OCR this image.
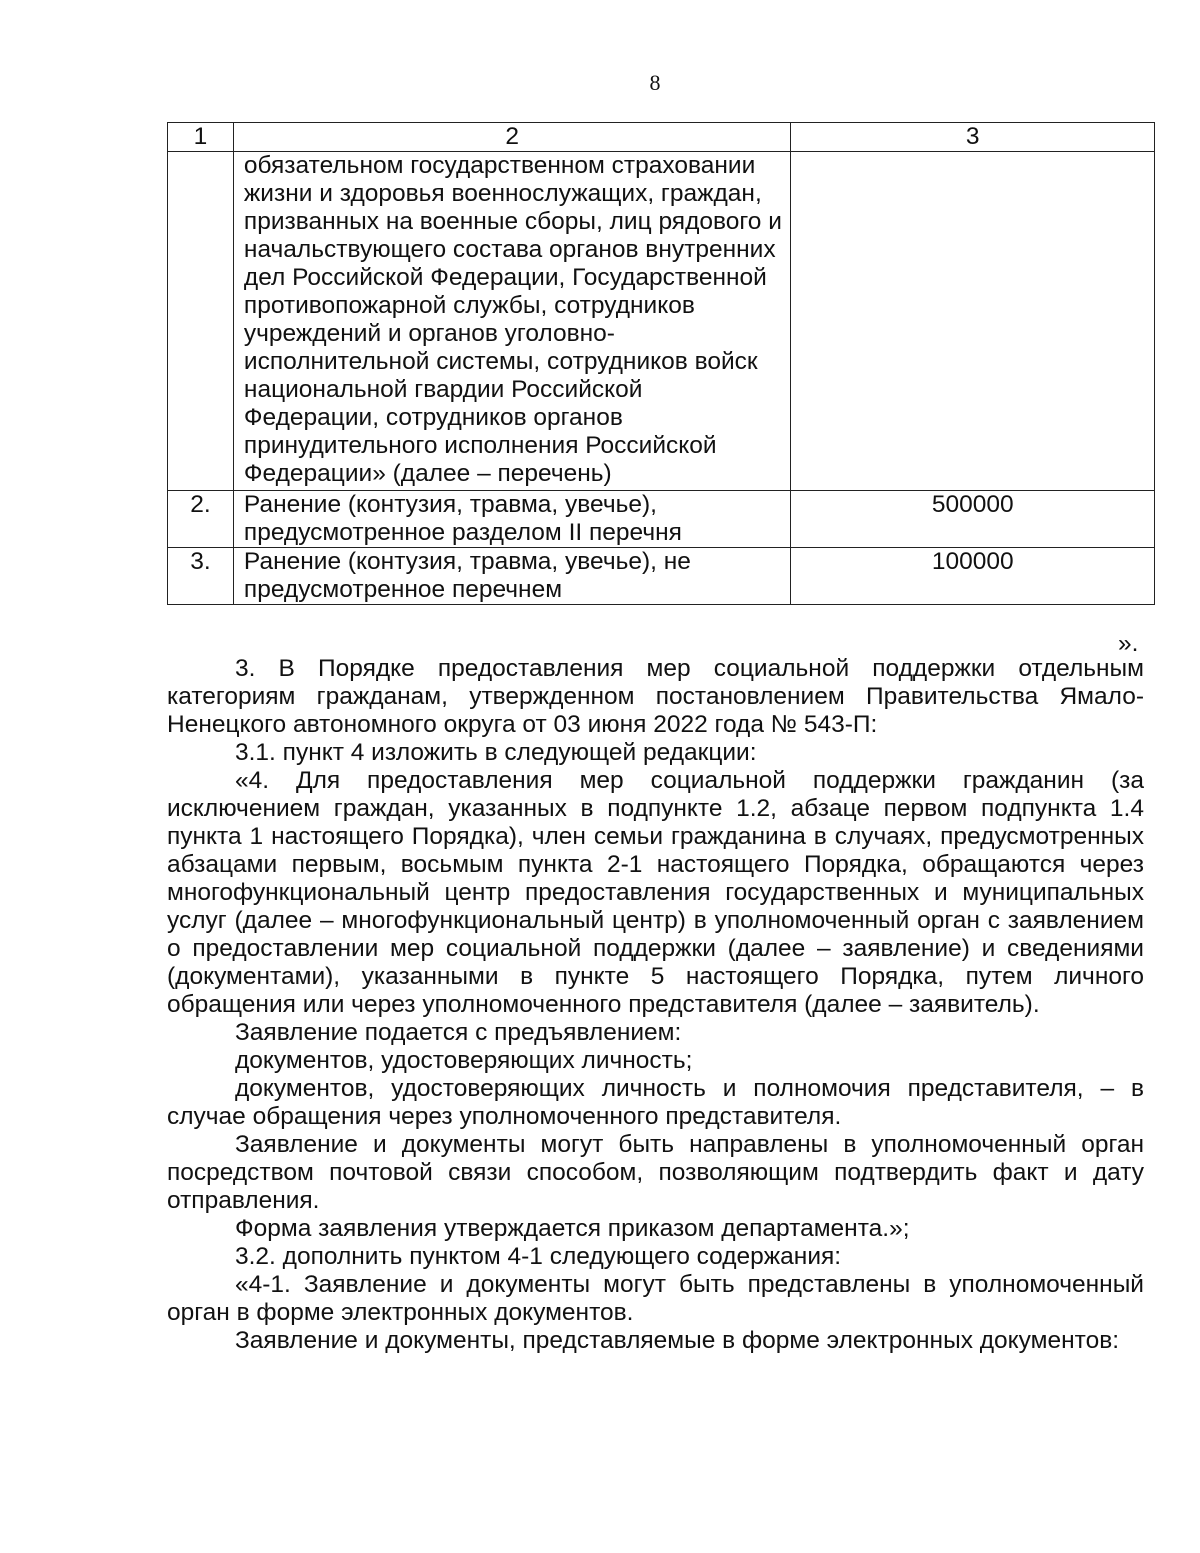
8
1	2	3
	обязательном государственном страховании жизни и здоровья военнослужащих, граждан, призванных на военные сборы, лиц рядового и начальствующего состава органов внутренних дел Российской Федерации, Государственной противопожарной службы, сотрудников учреждений и органов уголовно-исполнительной системы, сотрудников войск национальной гвардии Российской Федерации, сотрудников органов принудительного исполнения Российской Федерации» (далее – перечень)	
2.	Ранение (контузия, травма, увечье), предусмотренное разделом II перечня	500000
3.	Ранение (контузия, травма, увечье), не предусмотренное перечнем	100000
».

3. В Порядке предоставления мер социальной поддержки отдельным категориям гражданам, утвержденном постановлением Правительства Ямало-Ненецкого автономного округа от 03 июня 2022 года № 543-П:

3.1. пункт 4 изложить в следующей редакции:

«4. Для предоставления мер социальной поддержки гражданин (за исключением граждан, указанных в подпункте 1.2, абзаце первом подпункта 1.4 пункта 1 настоящего Порядка), член семьи гражданина в случаях, предусмотренных абзацами первым, восьмым пункта 2-1 настоящего Порядка, обращаются через многофункциональный центр предоставления государственных и муниципальных услуг (далее – многофункциональный центр) в уполномоченный орган с заявлением о предоставлении мер социальной поддержки (далее – заявление) и сведениями (документами), указанными в пункте 5 настоящего Порядка, путем личного обращения или через уполномоченного представителя (далее – заявитель).

Заявление подается с предъявлением:

документов, удостоверяющих личность;

документов, удостоверяющих личность и полномочия представителя, – в случае обращения через уполномоченного представителя.

Заявление и документы могут быть направлены в уполномоченный орган посредством почтовой связи способом, позволяющим подтвердить факт и дату отправления.

Форма заявления утверждается приказом департамента.»;

3.2. дополнить пунктом 4-1 следующего содержания:

«4-1. Заявление и документы могут быть представлены в уполномоченный орган в форме электронных документов.

Заявление и документы, представляемые в форме электронных документов:
